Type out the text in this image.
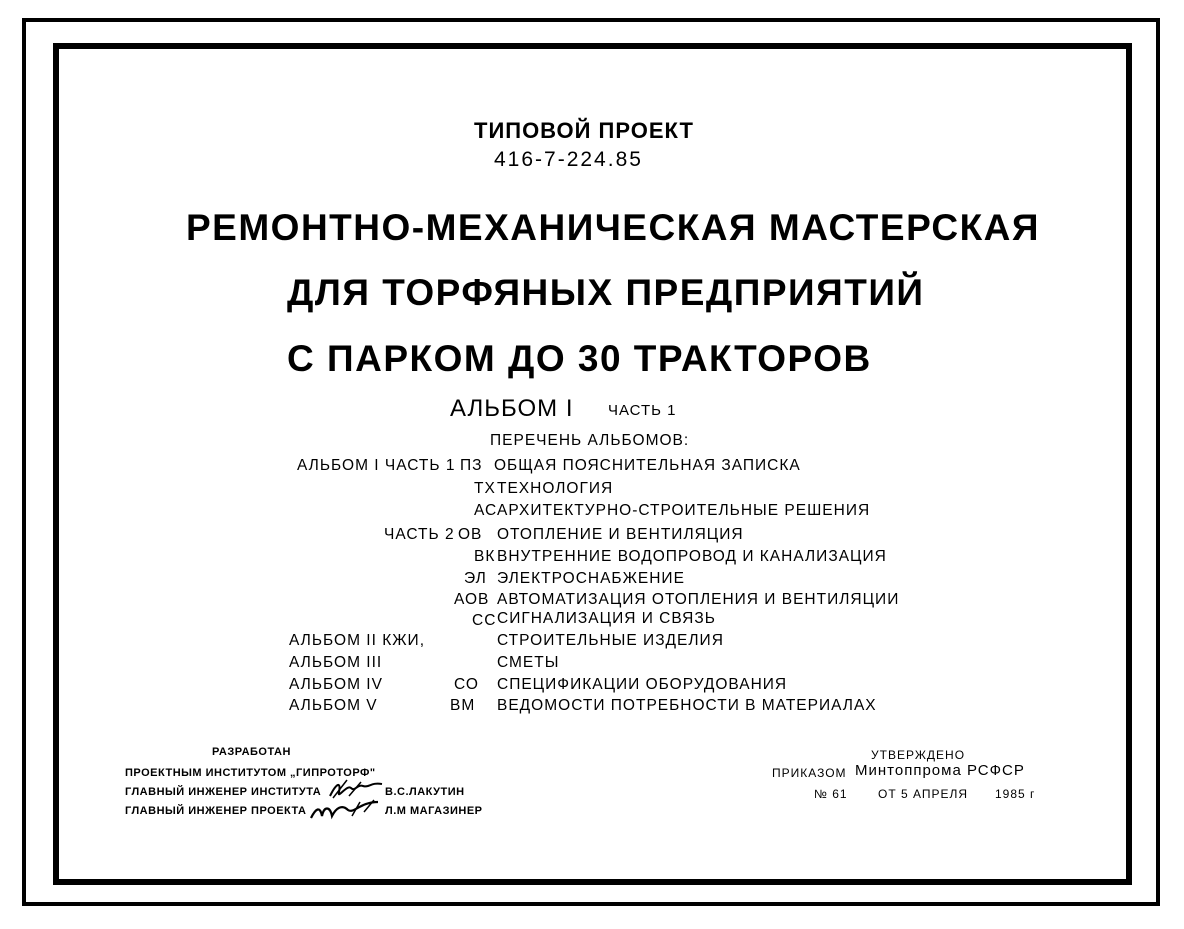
ТИПОВОЙ ПРОЕКТ
416-7-224.85
РЕМОНТНО-МЕХАНИЧЕСКАЯ МАСТЕРСКАЯ
ДЛЯ ТОРФЯНЫХ ПРЕДПРИЯТИЙ
С ПАРКОМ ДО 30 ТРАКТОРОВ
АЛЬБОМ I ЧАСТЬ 1
ПЕРЕЧЕНЬ АЛЬБОМОВ:
АЛЬБОМ I ЧАСТЬ 1 ПЗ ОБЩАЯ ПОЯСНИТЕЛЬНАЯ ЗАПИСКА
ТХ ТЕХНОЛОГИЯ
АС АРХИТЕКТУРНО-СТРОИТЕЛЬНЫЕ РЕШЕНИЯ
ЧАСТЬ 2 ОВ ОТОПЛЕНИЕ И ВЕНТИЛЯЦИЯ
ВК ВНУТРЕННИЕ ВОДОПРОВОД И КАНАЛИЗАЦИЯ
ЭЛ ЭЛЕКТРОСНАБЖЕНИЕ
АОВ АВТОМАТИЗАЦИЯ ОТОПЛЕНИЯ И ВЕНТИЛЯЦИИ
СС СИГНАЛИЗАЦИЯ И СВЯЗЬ
АЛЬБОМ II КЖИ,	СТРОИТЕЛЬНЫЕ ИЗДЕЛИЯ
АЛЬБОМ III	СМЕТЫ
АЛЬБОМ IV	СО СПЕЦИФИКАЦИИ ОБОРУДОВАНИЯ
АЛЬБОМ V	ВМ ВЕДОМОСТИ ПОТРЕБНОСТИ В МАТЕРИАЛАХ
РАЗРАБОТАН
ПРОЕКТНЫМ ИНСТИТУТОМ „ГИПРОТОРФ"
ГЛАВНЫЙ ИНЖЕНЕР ИНСТИТУТА	В.С.ЛАКУТИН
ГЛАВНЫЙ ИНЖЕНЕР ПРОЕКТА	Л.М МАГАЗИНЕР
УТВЕРЖДЕНО
ПРИКАЗОМ Минтоппрома РСФСР
№ 61	ОТ 5 АПРЕЛЯ 1985 г
